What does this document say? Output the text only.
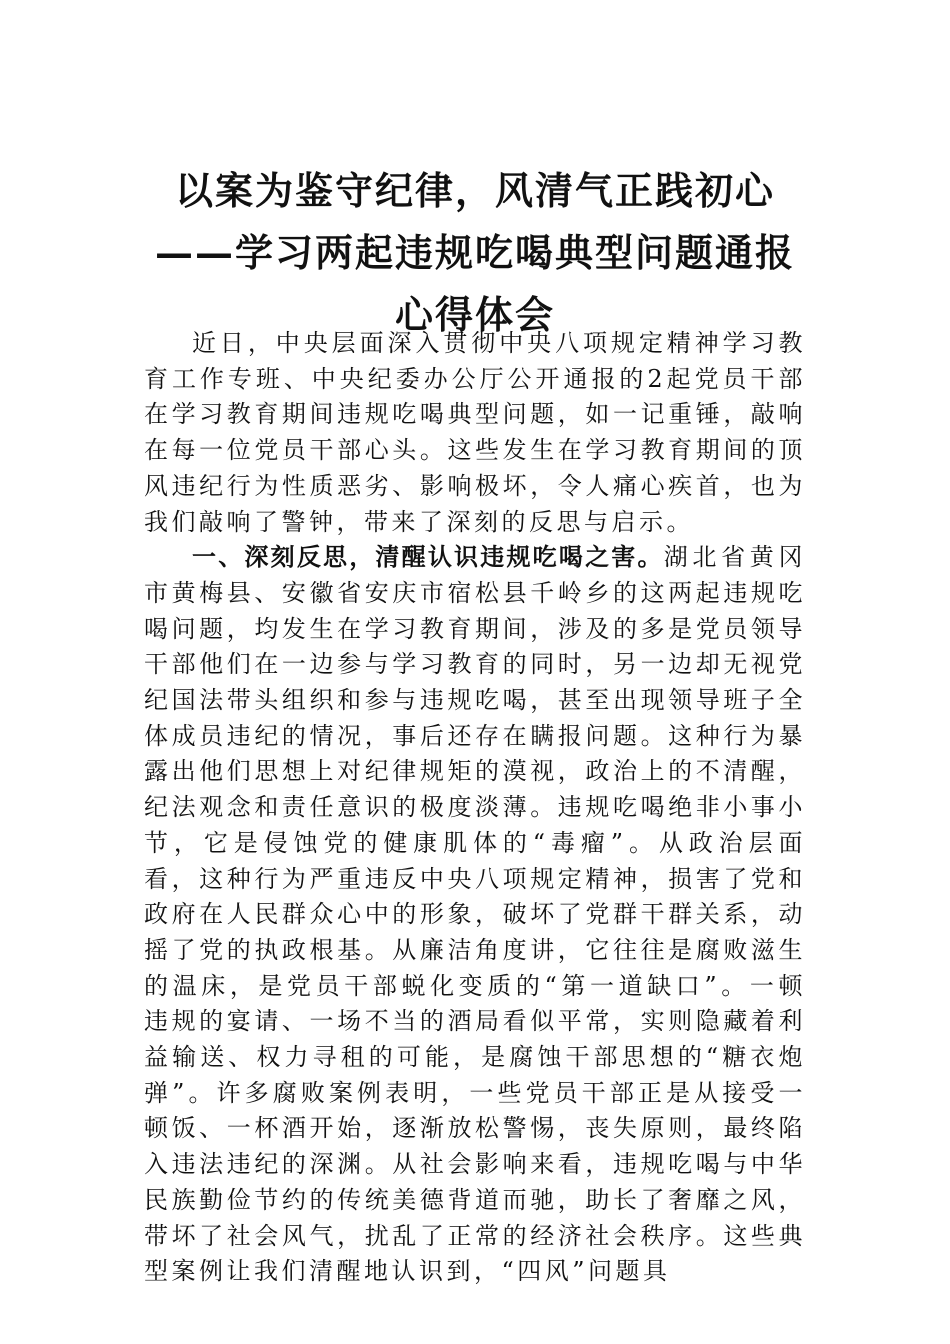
以案为鉴守纪律，风清气正践初心——学习两起违规吃喝典型问题通报心得体会

近日，中央层面深入贯彻中央八项规定精神学习教育工作专班、中央纪委办公厅公开通报的2起党员干部在学习教育期间违规吃喝典型问题，如一记重锤，敲响在每一位党员干部心头。这些发生在学习教育期间的顶风违纪行为性质恶劣、影响极坏，令人痛心疾首，也为我们敲响了警钟，带来了深刻的反思与启示。

一、深刻反思，清醒认识违规吃喝之害。湖北省黄冈市黄梅县、安徽省安庆市宿松县千岭乡的这两起违规吃喝问题，均发生在学习教育期间，涉及的多是党员领导干部他们在一边参与学习教育的同时，另一边却无视党纪国法带头组织和参与违规吃喝，甚至出现领导班子全体成员违纪的情况，事后还存在瞒报问题。这种行为暴露出他们思想上对纪律规矩的漠视，政治上的不清醒，纪法观念和责任意识的极度淡薄。违规吃喝绝非小事小节，它是侵蚀党的健康肌体的“毒瘤”。从政治层面看，这种行为严重违反中央八项规定精神，损害了党和政府在人民群众心中的形象，破坏了党群干群关系，动摇了党的执政根基。从廉洁角度讲，它往往是腐败滋生的温床，是党员干部蜕化变质的“第一道缺口”。一顿违规的宴请、一场不当的酒局看似平常，实则隐藏着利益输送、权力寻租的可能，是腐蚀干部思想的“糖衣炮弹”。许多腐败案例表明，一些党员干部正是从接受一顿饭、一杯酒开始，逐渐放松警惕，丧失原则，最终陷入违法违纪的深渊。从社会影响来看，违规吃喝与中华民族勤俭节约的传统美德背道而驰，助长了奢靡之风，带坏了社会风气，扰乱了正常的经济社会秩序。这些典型案例让我们清醒地认识到，“四风”问题具
